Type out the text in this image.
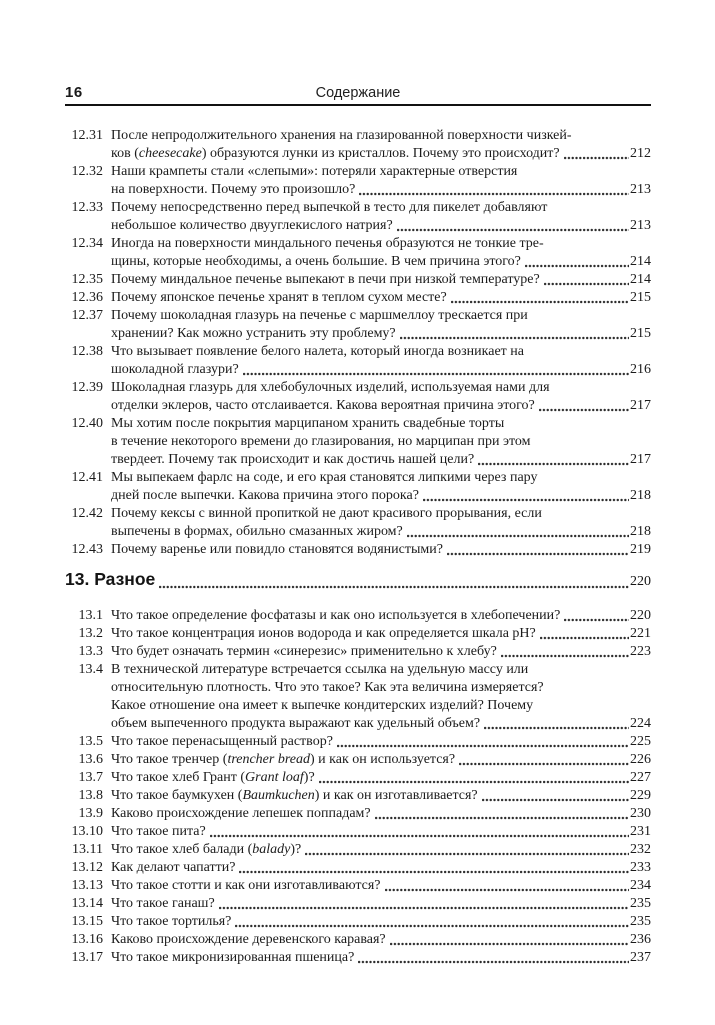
16	Содержание
12.31 После непродолжительного хранения на глазированной поверхности чизкей-
ков (cheesecake) образуются лунки из кристаллов. Почему это происходит?	212
12.32 Наши крампеты стали «слепыми»: потеряли характерные отверстия
на поверхности. Почему это произошло?	213
12.33 Почему непосредственно перед выпечкой в тесто для пикелет добавляют
небольшое количество двууглекислого натрия?	213
12.34 Иногда на поверхности миндального печенья образуются не тонкие тре-
щины, которые необходимы, а очень большие. В чем причина этого?	214
12.35 Почему миндальное печенье выпекают в печи при низкой температуре?	214
12.36 Почему японское печенье хранят в теплом сухом месте?	215
12.37 Почему шоколадная глазурь на печенье с маршмеллоу трескается при
хранении? Как можно устранить эту проблему?	215
12.38 Что вызывает появление белого налета, который иногда возникает на
шоколадной глазури?	216
12.39 Шоколадная глазурь для хлебобулочных изделий, используемая нами для
отделки эклеров, часто отслаивается. Какова вероятная причина этого?	217
12.40 Мы хотим после покрытия марципаном хранить свадебные торты
в течение некоторого времени до глазирования, но марципан при этом
твердеет. Почему так происходит и как достичь нашей цели?	217
12.41 Мы выпекаем фарлс на соде, и его края становятся липкими через пару
дней после выпечки. Какова причина этого порока?	218
12.42 Почему кексы с винной пропиткой не дают красивого прорывания, если
выпечены в формах, обильно смазанных жиром?	218
12.43 Почему варенье или повидло становятся водянистыми?	219
13. Разное	220
13.1 Что такое определение фосфатазы и как оно используется в хлебопечении?	220
13.2 Что такое концентрация ионов водорода и как определяется шкала pH?	221
13.3 Что будет означать термин «синерезис» применительно к хлебу?	223
13.4 В технической литературе встречается ссылка на удельную массу или
относительную плотность. Что это такое? Как эта величина измеряется?
Какое отношение она имеет к выпечке кондитерских изделий? Почему
объем выпеченного продукта выражают как удельный объем?	224
13.5 Что такое перенасыщенный раствор?	225
13.6 Что такое тренчер (trencher bread) и как он используется?	226
13.7 Что такое хлеб Грант (Grant loaf)?	227
13.8 Что такое баумкухен (Baumkuchen) и как он изготавливается?	229
13.9 Каково происхождение лепешек поппадам?	230
13.10 Что такое пита?	231
13.11 Что такое хлеб балади (balady)?	232
13.12 Как делают чапатти?	233
13.13 Что такое стотти и как они изготавливаются?	234
13.14 Что такое ганаш?	235
13.15 Что такое тортилья?	235
13.16 Каково происхождение деревенского каравая?	236
13.17 Что такое микронизированная пшеница?	237
